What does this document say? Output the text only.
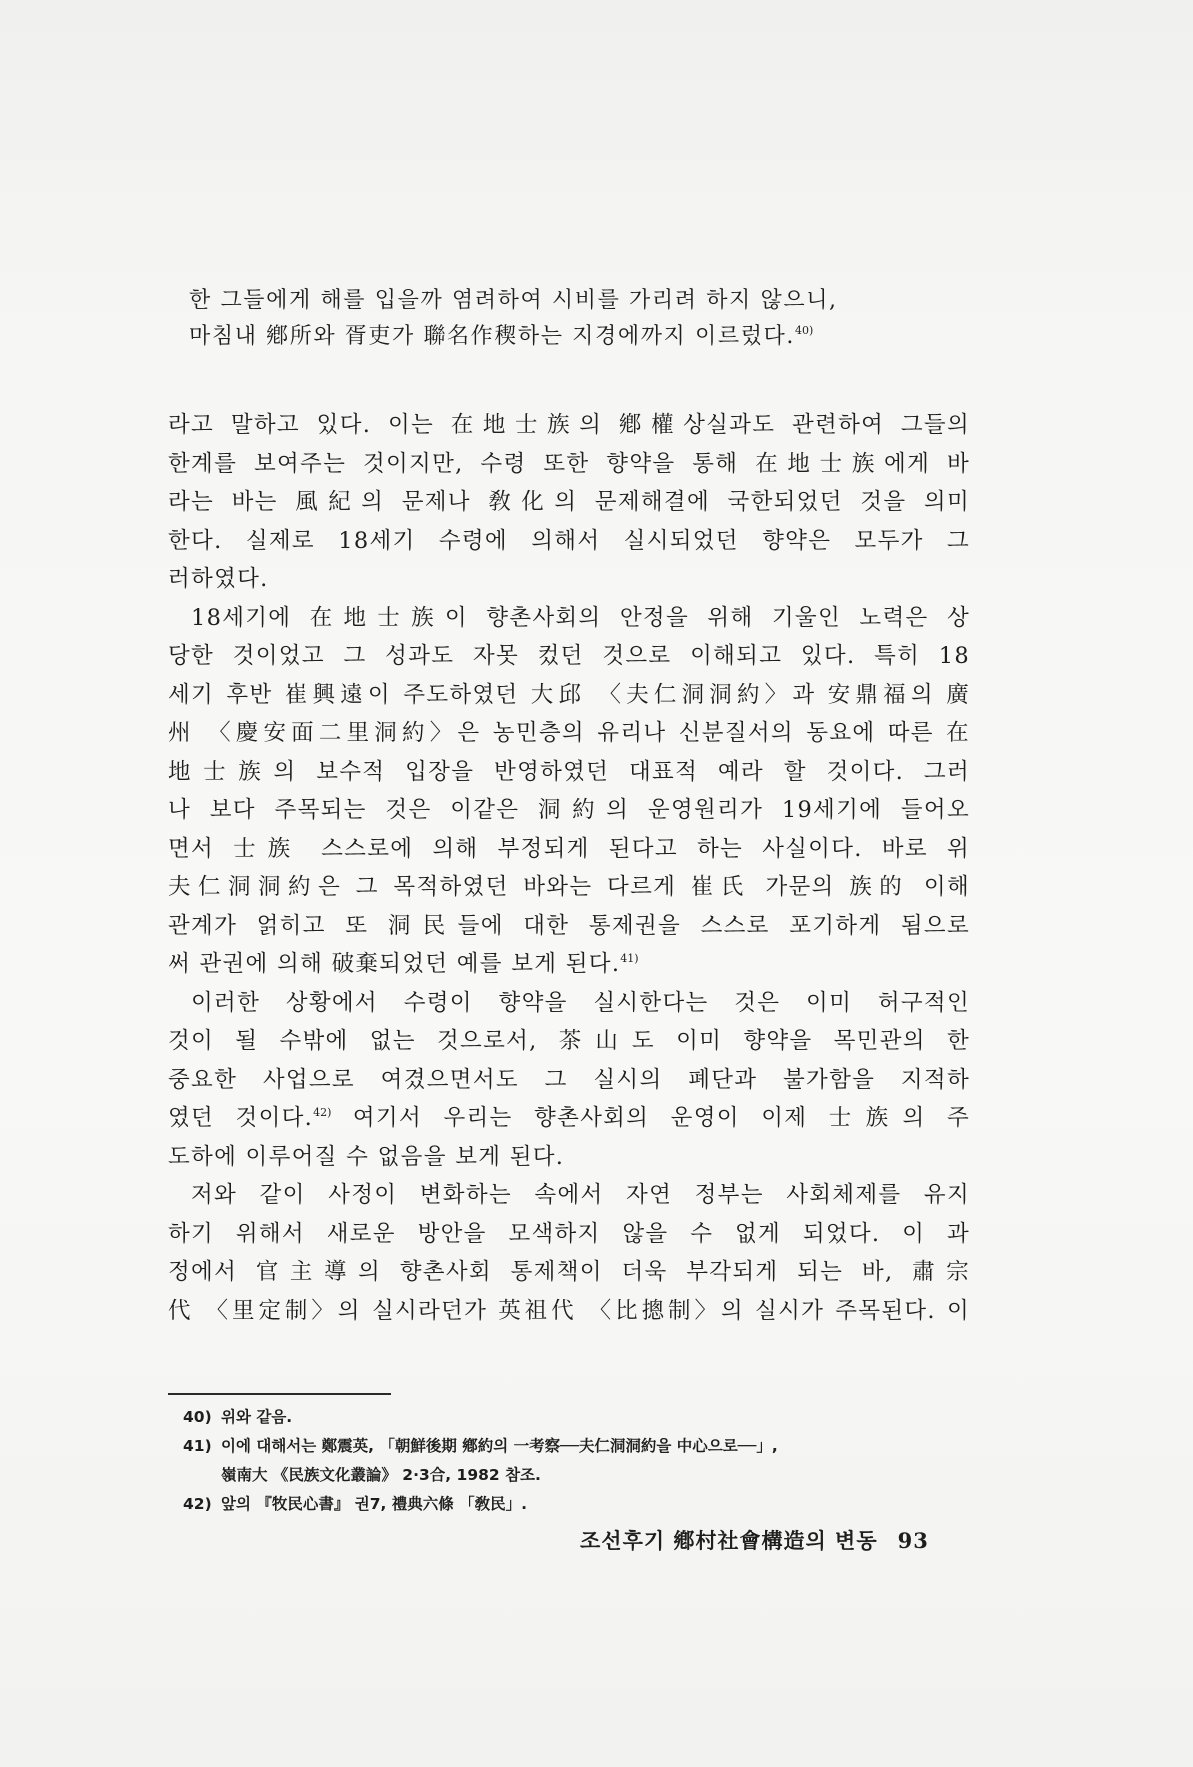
한 그들에게 해를 입을까 염려하여 시비를 가리려 하지 않으니,
마침내 鄕所와 胥吏가 聯名作稧하는 지경에까지 이르렀다.$^{40)}$

라고 말하고 있다. 이는 在地士族의 鄕權상실과도 관련하여 그들의
한계를 보여주는 것이지만, 수령 또한 향약을 통해 在地士族에게 바
라는 바는 風紀의 문제나 敎化의 문제해결에 국한되었던 것을 의미
한다. 실제로 18세기 수령에 의해서 실시되었던 향약은 모두가 그
러하였다.

18세기에 在地士族이 향촌사회의 안정을 위해 기울인 노력은 상
당한 것이었고 그 성과도 자못 컸던 것으로 이해되고 있다. 특히 18
세기 후반 崔興遠이 주도하였던 大邱 〈夫仁洞洞約〉과 安鼎福의 廣
州 〈慶安面二里洞約〉은 농민층의 유리나 신분질서의 동요에 따른 在
地士族의 보수적 입장을 반영하였던 대표적 예라 할 것이다. 그러
나 보다 주목되는 것은 이같은 洞約의 운영원리가 19세기에 들어오
면서 士族 스스로에 의해 부정되게 된다고 하는 사실이다. 바로 위
夫仁洞洞約은 그 목적하였던 바와는 다르게 崔氏 가문의 族的 이해
관계가 얽히고 또 洞民들에 대한 통제권을 스스로 포기하게 됨으로
써 관권에 의해 破棄되었던 예를 보게 된다.$^{41)}$

이러한 상황에서 수령이 향약을 실시한다는 것은 이미 허구적인
것이 될 수밖에 없는 것으로서, 茶山도 이미 향약을 목민관의 한
중요한 사업으로 여겼으면서도 그 실시의 폐단과 불가함을 지적하
였던 것이다.$^{42)}$ 여기서 우리는 향촌사회의 운영이 이제 士族의 주
도하에 이루어질 수 없음을 보게 된다.

저와 같이 사정이 변화하는 속에서 자연 정부는 사회체제를 유지
하기 위해서 새로운 방안을 모색하지 않을 수 없게 되었다. 이 과
정에서 官主導의 향촌사회 통제책이 더욱 부각되게 되는 바, 肅宗
代 〈里定制〉의 실시라던가 英祖代 〈比摠制〉의 실시가 주목된다. 이

40) 위와 같음.
41) 이에 대해서는 鄭震英, 「朝鮮後期 鄕約의 一考察──夫仁洞洞約을 中心으로──」,
嶺南大 《民族文化叢論》 2·3合, 1982 참조.
42) 앞의 『牧民心書』 권7, 禮典六條 「敎民」.
조선후기 鄕村社會構造의 변동 93
